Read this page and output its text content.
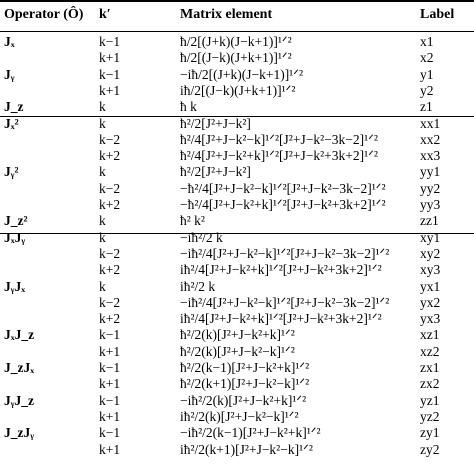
Operator (Ô) k′	Matrix element	Label
Jₓ	k−1	ħ/2[(J+k)(J−k+1)]¹ᐟ²	x1
k+1	ħ/2[(J−k)(J+k+1)]¹ᐟ²	x2
Jᵧ	k−1	−iħ/2[(J+k)(J−k+1)]¹ᐟ²	y1
k+1	iħ/2[(J−k)(J+k+1)]¹ᐟ²	y2
J_z	k	ħ k	z1
Jₓ²	k	ħ²/2[J²+J−k²]	xx1
k−2	ħ²/4[J²+J−k²−k]¹ᐟ²[J²+J−k²−3k−2]¹ᐟ²	xx2
k+2	ħ²/4[J²+J−k²+k]¹ᐟ²[J²+J−k²+3k+2]¹ᐟ²	xx3
Jᵧ²	k	ħ²/2[J²+J−k²]	yy1
k−2	−ħ²/4[J²+J−k²−k]¹ᐟ²[J²+J−k²−3k−2]¹ᐟ²	yy2
k+2	−ħ²/4[J²+J−k²+k]¹ᐟ²[J²+J−k²+3k+2]¹ᐟ²	yy3
J_z²	k	ħ² k²	zz1
JₓJᵧ	k	−iħ²/2 k	xy1
k−2	−iħ²/4[J²+J−k²−k]¹ᐟ²[J²+J−k²−3k−2]¹ᐟ² xy2
k+2	iħ²/4[J²+J−k²+k]¹ᐟ²[J²+J−k²+3k+2]¹ᐟ²	xy3
JᵧJₓ	k	iħ²/2 k	yx1
k−2	−iħ²/4[J²+J−k²−k]¹ᐟ²[J²+J−k²−3k−2]¹ᐟ² yx2
k+2	iħ²/4[J²+J−k²+k]¹ᐟ²[J²+J−k²+3k+2]¹ᐟ²	yx3
JₓJ_z	k−1	ħ²/2(k)[J²+J−k²+k]¹ᐟ²	xz1
k+1	ħ²/2(k)[J²+J−k²−k]¹ᐟ²	xz2
J_zJₓ	k−1	ħ²/2(k−1)[J²+J−k²+k]¹ᐟ²	zx1
k+1	ħ²/2(k+1)[J²+J−k²−k]¹ᐟ²	zx2
JᵧJ_z	k−1	−iħ²/2(k)[J²+J−k²+k]¹ᐟ²	yz1
k+1	iħ²/2(k)[J²+J−k²−k]¹ᐟ²	yz2
J_zJᵧ	k−1	−iħ²/2(k−1)[J²+J−k²+k]¹ᐟ²	zy1
k+1	iħ²/2(k+1)[J²+J−k²−k]¹ᐟ²	zy2
